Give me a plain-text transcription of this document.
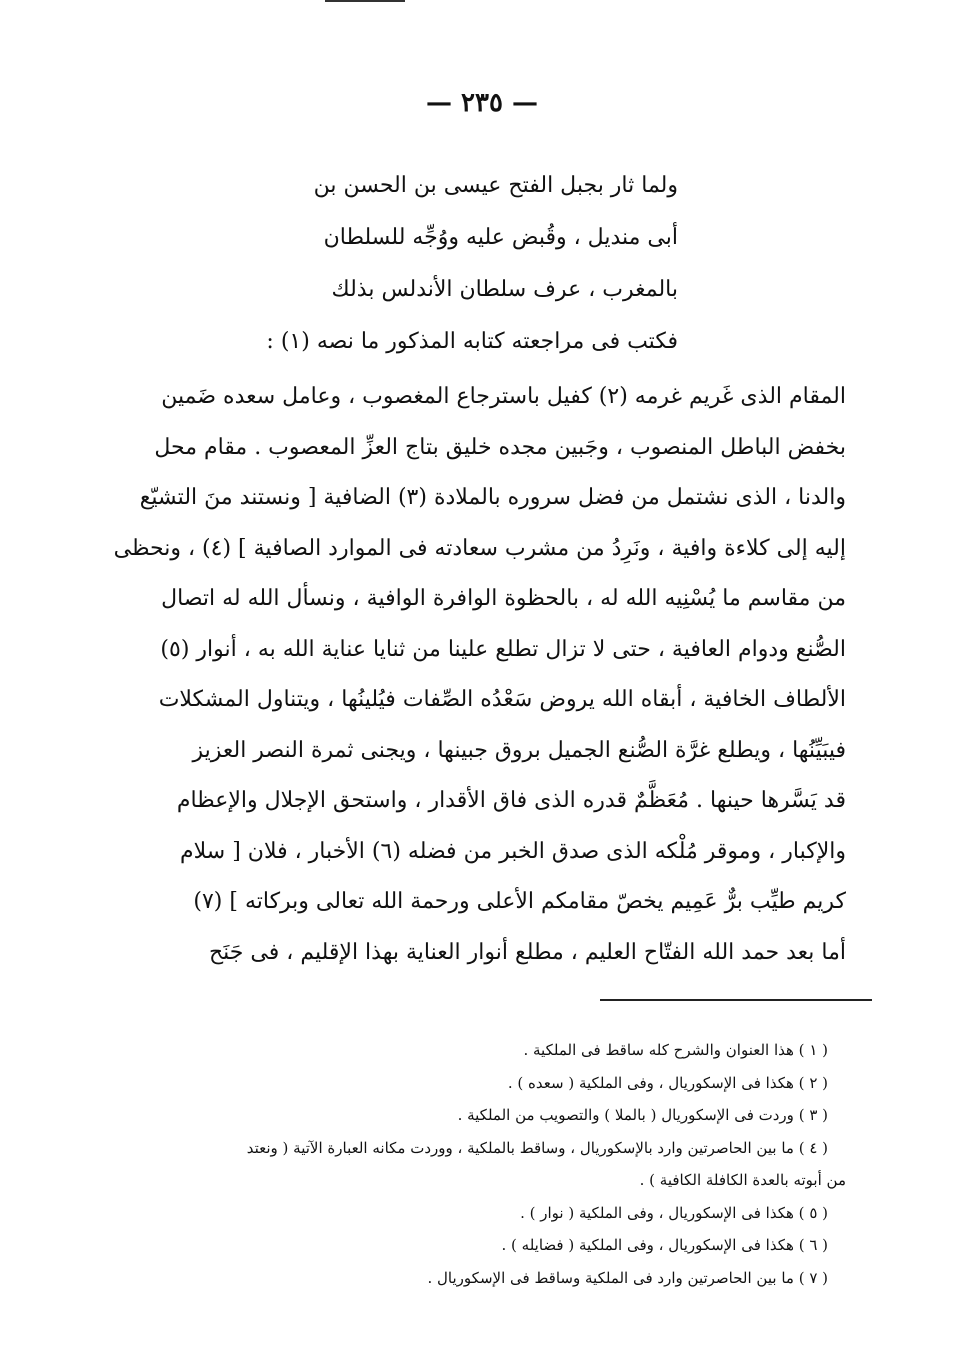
— ٢٣٥ —
ولما ثار بجبل الفتح عيسى بن الحسن بن
أبى منديل ، وقُبض عليه ووُجِّه للسلطان
بالمغرب ، عرف سلطان الأندلس بذلك
فكتب فى مراجعته كتابه المذكور ما نصه (١) :
المقام الذى غَريم غرمه (٢) كفيل باسترجاع المغصوب ، وعامل سعده ضَمين
بخفض الباطل المنصوب ، وجَبين مجده خليق بتاج العزِّ المعصوب . مقام محل
والدنا ، الذى نشتمل من فضل سروره بالملادة (٣) الضافية [ ونستند منَ التشيّع
إليه إلى كلاءة وافية ، ونَرِدُ من مشرب سعادته فى الموارد الصافية ] (٤) ، ونحظى
من مقاسم ما يُسْنِيه الله له ، بالحظوة الوافرة الوافية ، ونسأل الله له اتصال
الصُّنع ودوام العافية ، حتى لا تزال تطلع علينا من ثنايا عناية الله به ، أنوار (٥)
الألطاف الخافية ، أبقاه الله يروض سَعْدُه الصِّفات فيُلينُها ، ويتناول المشكلات
فيبَيِّنُها ، ويطلع غرَّة الصُّنع الجميل بروق جبينها ، ويجنى ثمرة النصر العزيز
قد يَسَّرها حينها . مُعَظَّمٌ قدره الذى فاق الأقدار ، واستحق الإجلال والإعظام
والإكبار ، وموقر مُلْكه الذى صدق الخبر من فضله (٦) الأخبار ، فلان [ سلام
كريم طيِّب برٌّ عَمِيم يخصّ مقامكم الأعلى ورحمة الله تعالى وبركاته ] (٧)
أما بعد حمد الله الفتّاح العليم ، مطلع أنوار العناية بهذا الإقليم ، فى جَنَح
( ١ ) هذا العنوان والشرح كله ساقط فى الملكية .
( ٢ ) هكذا فى الإسكوريال ، وفى الملكية ( سعده ) .
( ٣ ) وردت فى الإسكوريال ( بالملا ) والتصويب من الملكية .
( ٤ ) ما بين الحاصرتين وارد بالإسكوريال ، وساقط بالملكية ، ووردت مكانه العبارة الآتية ( ونعتد
من أبوته بالعدة الكافلة الكافية ) .
( ٥ ) هكذا فى الإسكوريال ، وفى الملكية ( نوار ) .
( ٦ ) هكذا فى الإسكوريال ، وفى الملكية ( فضايله ) .
( ٧ ) ما بين الحاصرتين وارد فى الملكية وساقط فى الإسكوريال .
